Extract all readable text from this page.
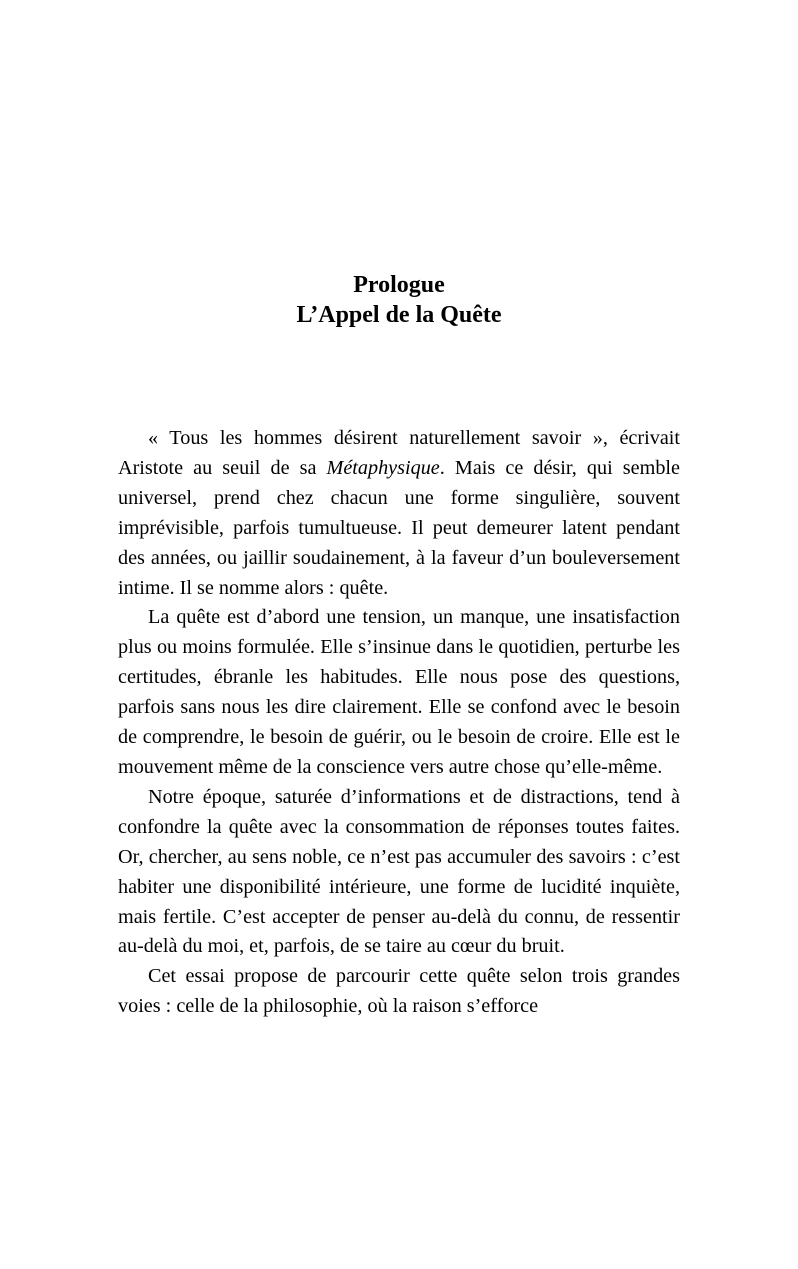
Prologue
L’Appel de la Quête

« Tous les hommes désirent naturellement savoir », écrivait Aristote au seuil de sa Métaphysique. Mais ce désir, qui semble universel, prend chez chacun une forme singulière, souvent imprévisible, parfois tumultueuse. Il peut demeurer latent pendant des années, ou jaillir soudainement, à la faveur d’un bouleversement intime. Il se nomme alors : quête.

La quête est d’abord une tension, un manque, une insatisfaction plus ou moins formulée. Elle s’insinue dans le quotidien, perturbe les certitudes, ébranle les habitudes. Elle nous pose des questions, parfois sans nous les dire clairement. Elle se confond avec le besoin de comprendre, le besoin de guérir, ou le besoin de croire. Elle est le mouvement même de la conscience vers autre chose qu’elle-même.

Notre époque, saturée d’informations et de distractions, tend à confondre la quête avec la consommation de réponses toutes faites. Or, chercher, au sens noble, ce n’est pas accumuler des savoirs : c’est habiter une disponibilité intérieure, une forme de lucidité inquiète, mais fertile. C’est accepter de penser au-delà du connu, de ressentir au-delà du moi, et, parfois, de se taire au cœur du bruit.

Cet essai propose de parcourir cette quête selon trois grandes voies : celle de la philosophie, où la raison s’efforce
